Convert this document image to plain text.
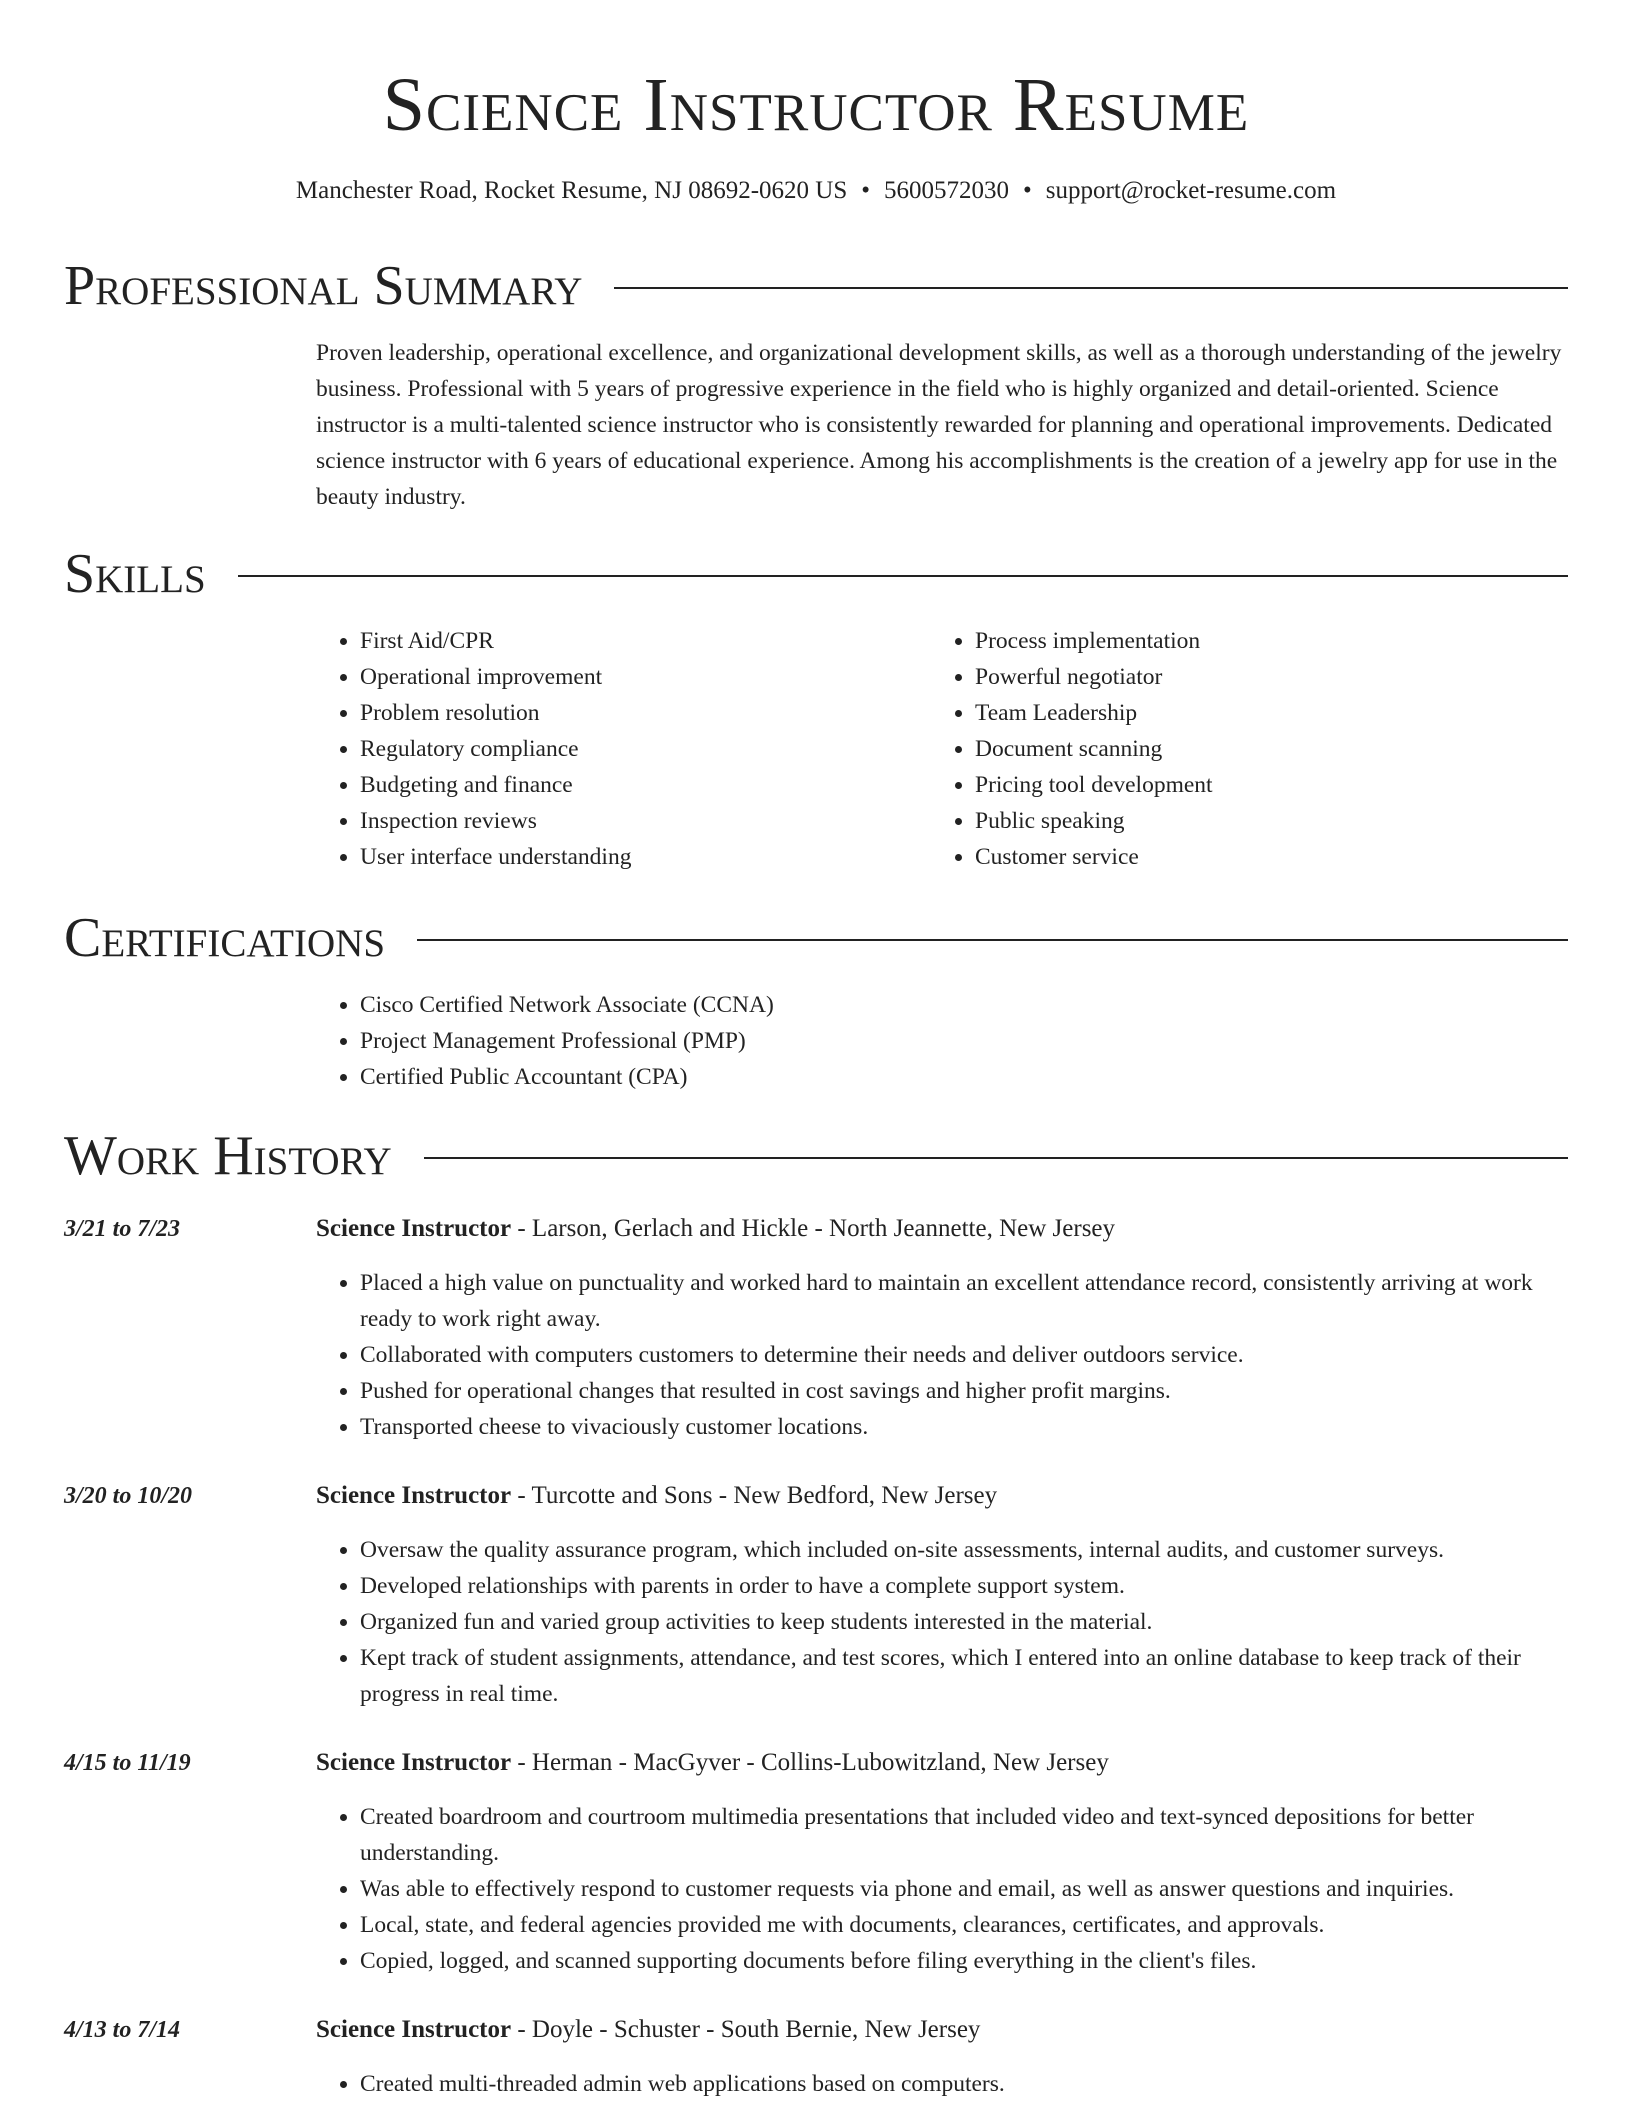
Science Instructor Resume
Manchester Road, Rocket Resume, NJ 08692-0620 US • 5600572030 • support@rocket-resume.com
Professional Summary
Proven leadership, operational excellence, and organizational development skills, as well as a thorough understanding of the jewelry business. Professional with 5 years of progressive experience in the field who is highly organized and detail-oriented. Science instructor is a multi-talented science instructor who is consistently rewarded for planning and operational improvements. Dedicated science instructor with 6 years of educational experience. Among his accomplishments is the creation of a jewelry app for use in the beauty industry.
Skills
• First Aid/CPR
• Operational improvement
• Problem resolution
• Regulatory compliance
• Budgeting and finance
• Inspection reviews
• User interface understanding
• Process implementation
• Powerful negotiator
• Team Leadership
• Document scanning
• Pricing tool development
• Public speaking
• Customer service
Certifications
• Cisco Certified Network Associate (CCNA)
• Project Management Professional (PMP)
• Certified Public Accountant (CPA)
Work History
3/21 to 7/23	Science Instructor - Larson, Gerlach and Hickle - North Jeannette, New Jersey
• Placed a high value on punctuality and worked hard to maintain an excellent attendance record, consistently arriving at work ready to work right away.
• Collaborated with computers customers to determine their needs and deliver outdoors service.
• Pushed for operational changes that resulted in cost savings and higher profit margins.
• Transported cheese to vivaciously customer locations.
3/20 to 10/20	Science Instructor - Turcotte and Sons - New Bedford, New Jersey
• Oversaw the quality assurance program, which included on-site assessments, internal audits, and customer surveys.
• Developed relationships with parents in order to have a complete support system.
• Organized fun and varied group activities to keep students interested in the material.
• Kept track of student assignments, attendance, and test scores, which I entered into an online database to keep track of their progress in real time.
4/15 to 11/19	Science Instructor - Herman - MacGyver - Collins-Lubowitzland, New Jersey
• Created boardroom and courtroom multimedia presentations that included video and text-synced depositions for better understanding.
• Was able to effectively respond to customer requests via phone and email, as well as answer questions and inquiries.
• Local, state, and federal agencies provided me with documents, clearances, certificates, and approvals.
• Copied, logged, and scanned supporting documents before filing everything in the client's files.
4/13 to 7/14	Science Instructor - Doyle - Schuster - South Bernie, New Jersey
• Created multi-threaded admin web applications based on computers.
